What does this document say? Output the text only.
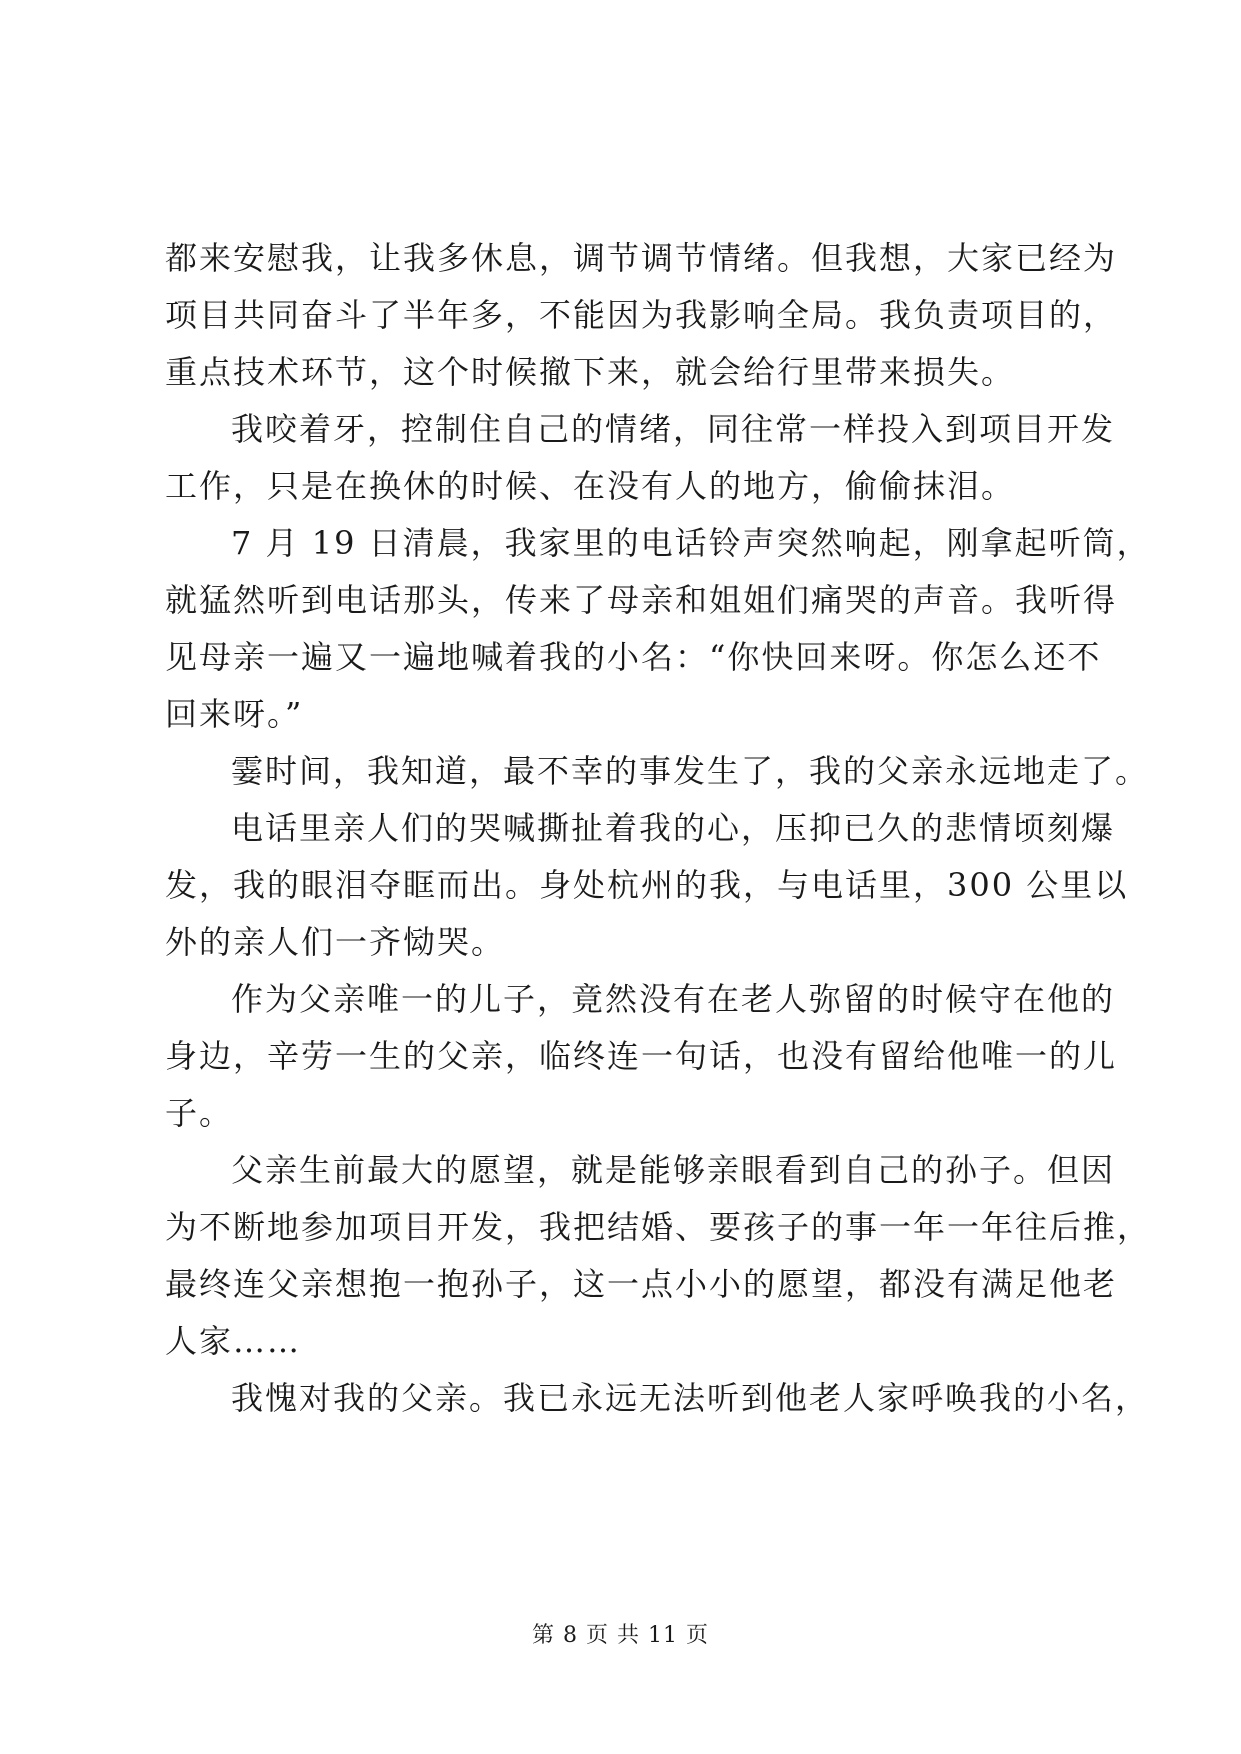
都来安慰我，让我多休息，调节调节情绪。但我想，大家已经为
项目共同奋斗了半年多，不能因为我影响全局。我负责项目的，
重点技术环节，这个时候撤下来，就会给行里带来损失。
我咬着牙，控制住自己的情绪，同往常一样投入到项目开发
工作，只是在换休的时候、在没有人的地方，偷偷抹泪。
7 月 19 日清晨，我家里的电话铃声突然响起，刚拿起听筒，
就猛然听到电话那头，传来了母亲和姐姐们痛哭的声音。我听得
见母亲一遍又一遍地喊着我的小名：“你快回来呀。你怎么还不
回来呀。”
霎时间，我知道，最不幸的事发生了，我的父亲永远地走了。
电话里亲人们的哭喊撕扯着我的心，压抑已久的悲情顷刻爆
发，我的眼泪夺眶而出。身处杭州的我，与电话里，300 公里以
外的亲人们一齐恸哭。
作为父亲唯一的儿子，竟然没有在老人弥留的时候守在他的
身边，辛劳一生的父亲，临终连一句话，也没有留给他唯一的儿
子。
父亲生前最大的愿望，就是能够亲眼看到自己的孙子。但因
为不断地参加项目开发，我把结婚、要孩子的事一年一年往后推，
最终连父亲想抱一抱孙子，这一点小小的愿望，都没有满足他老
人家……
我愧对我的父亲。我已永远无法听到他老人家呼唤我的小名，
第 8 页 共 11 页
